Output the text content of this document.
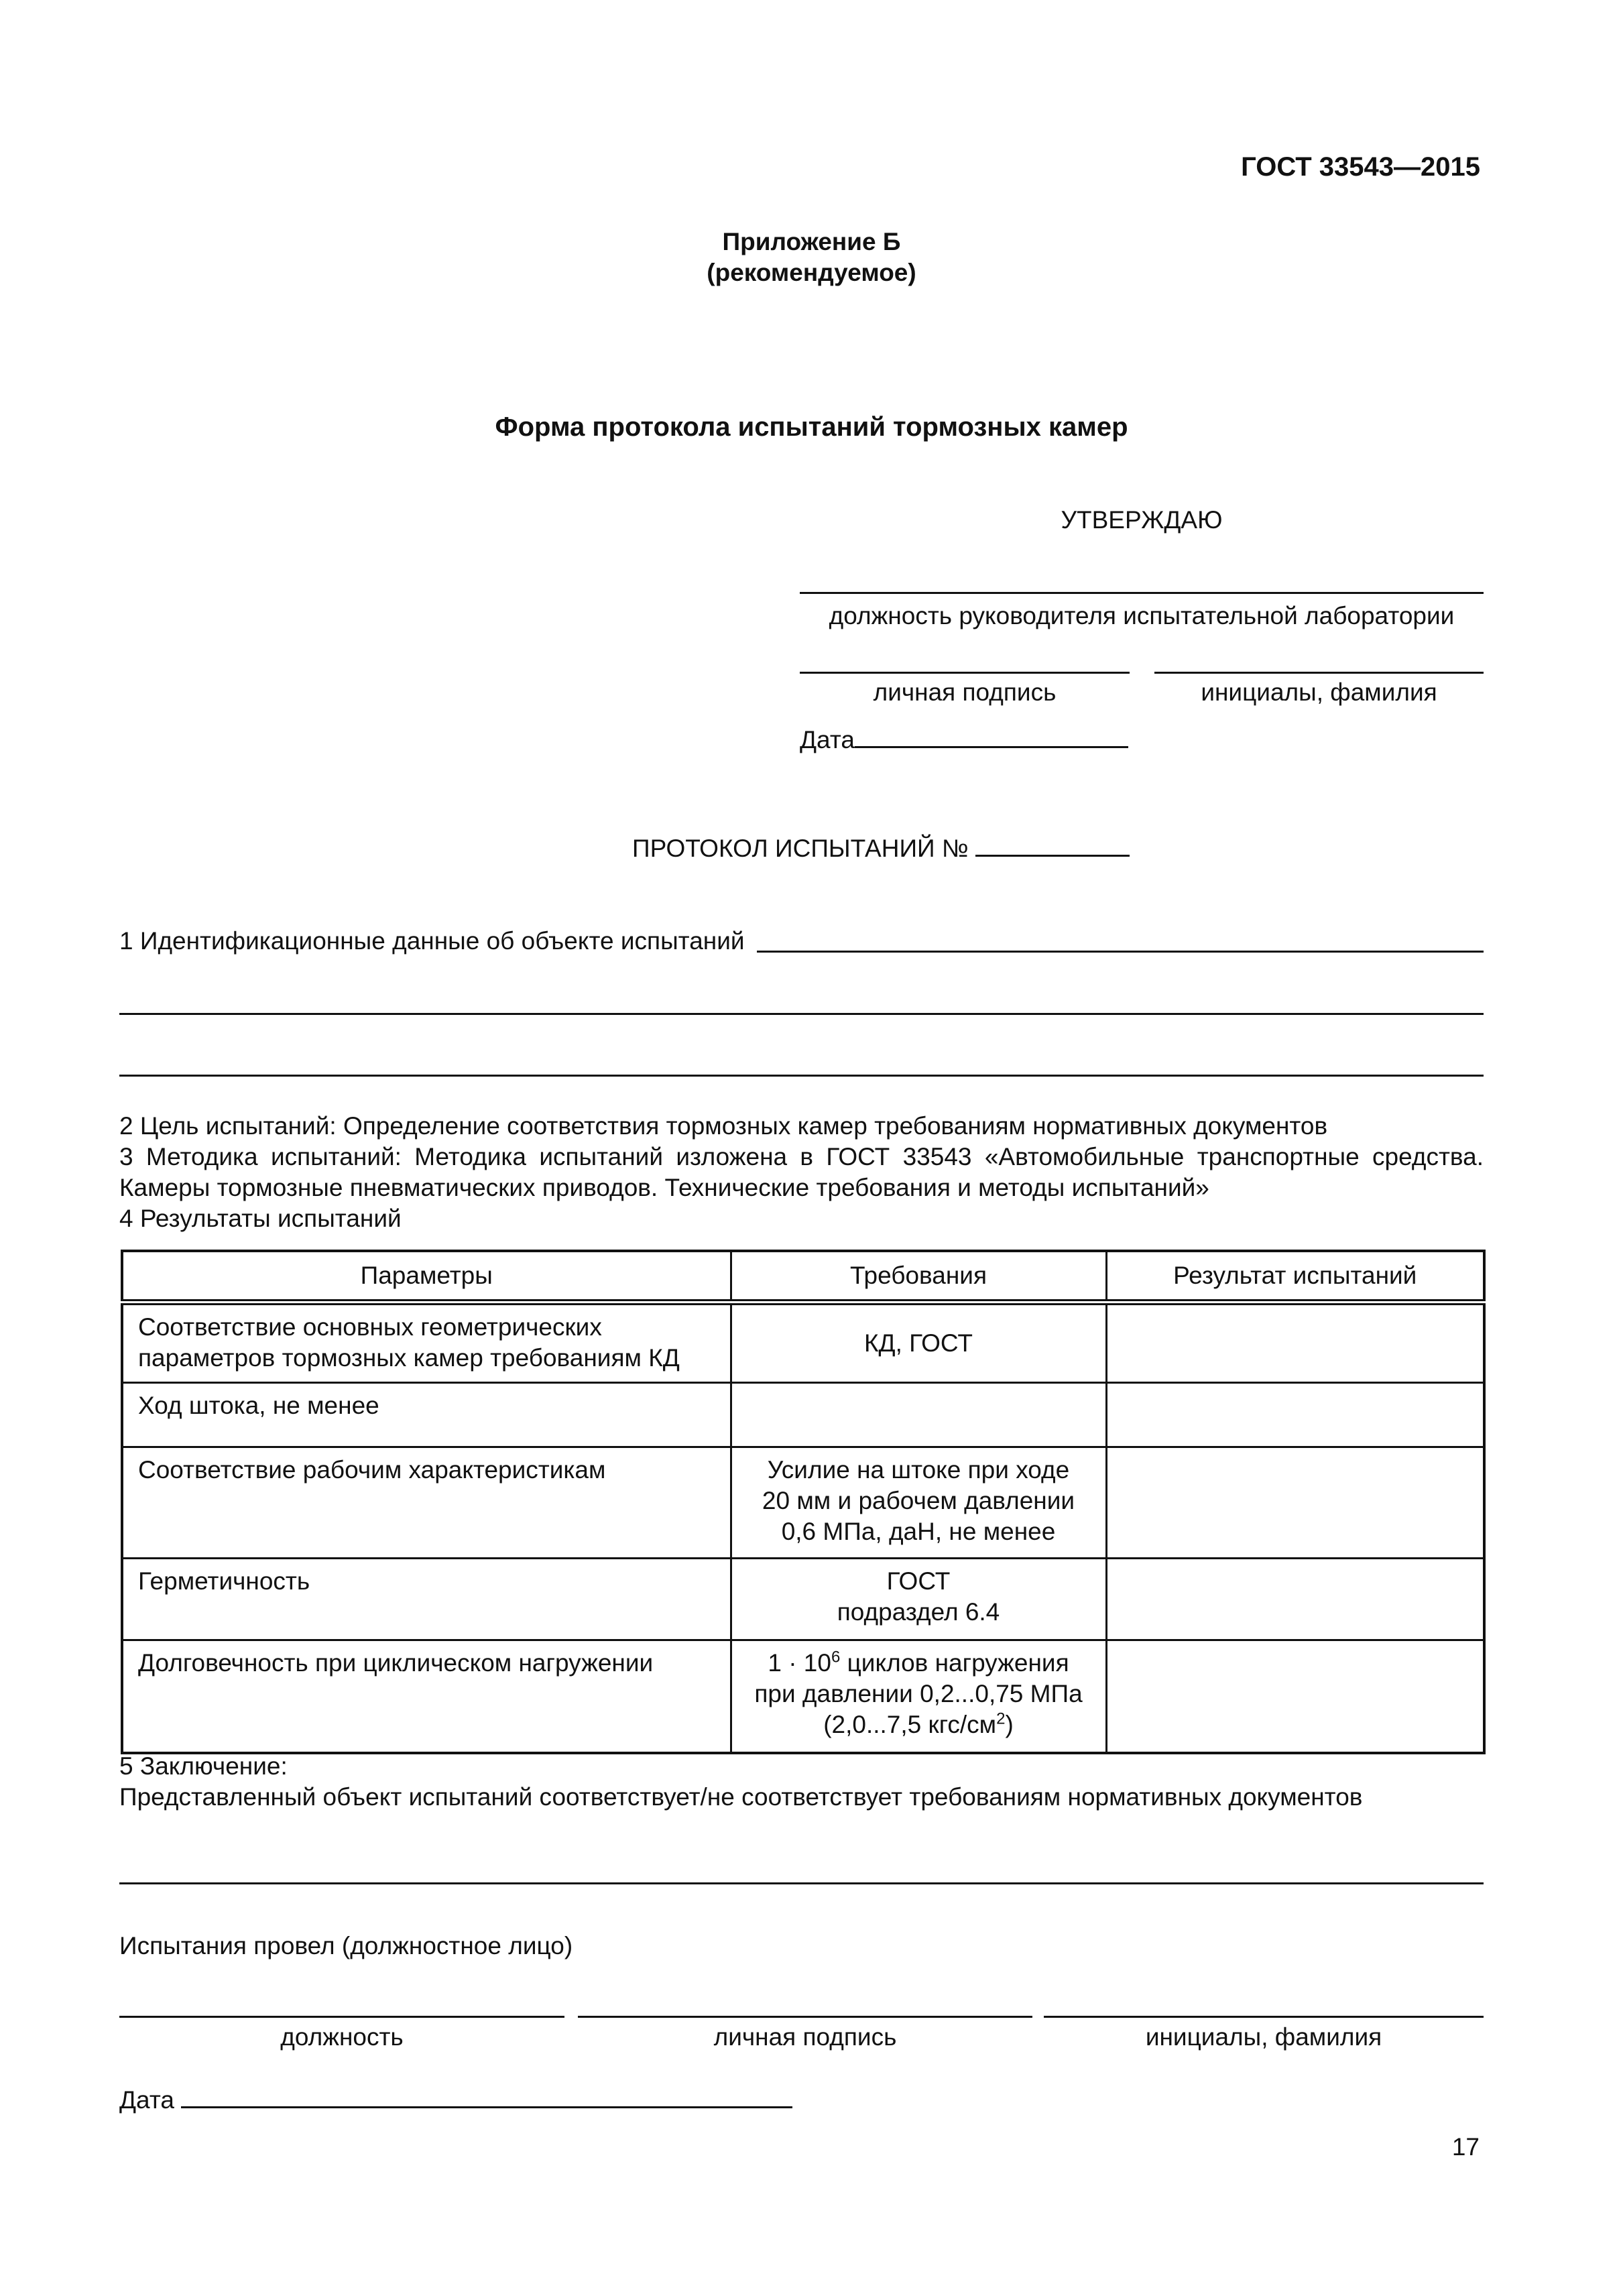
ГОСТ 33543—2015
Приложение Б
(рекомендуемое)
Форма протокола испытаний тормозных камер
УТВЕРЖДАЮ
должность руководителя испытательной лаборатории
личная подпись	инициалы, фамилия
Дата
ПРОТОКОЛ ИСПЫТАНИЙ №
1 Идентификационные данные об объекте испытаний
2 Цель испытаний: Определение соответствия тормозных камер требованиям нормативных документов
3 Методика испытаний: Методика испытаний изложена в ГОСТ 33543 «Автомобильные транспортные средства.
Камеры тормозные пневматических приводов. Технические требования и методы испытаний»
4 Результаты испытаний
Параметры	Требования	Результат испытаний

Соответствие основных геометрических
параметров тормозных камер требованиям КД	КД, ГОСТ	

Ход штока, не менее		

Соответствие рабочим характеристикам	Усилие на штоке при ходе
20 мм и рабочем давлении
0,6 МПа, даН, не менее	

Герметичность	ГОСТ
подраздел 6.4	

Долговечность при циклическом нагружении	$1 \cdot 10^6$ циклов нагружения
при давлении 0,2...0,75 МПа
(2,0...7,5 кгс/$см^2$)	

5 Заключение:
Представленный объект испытаний соответствует/не соответствует требованиям нормативных документов
Испытания провел (должностное лицо)
должность	личная подпись	инициалы, фамилия
Дата
17
